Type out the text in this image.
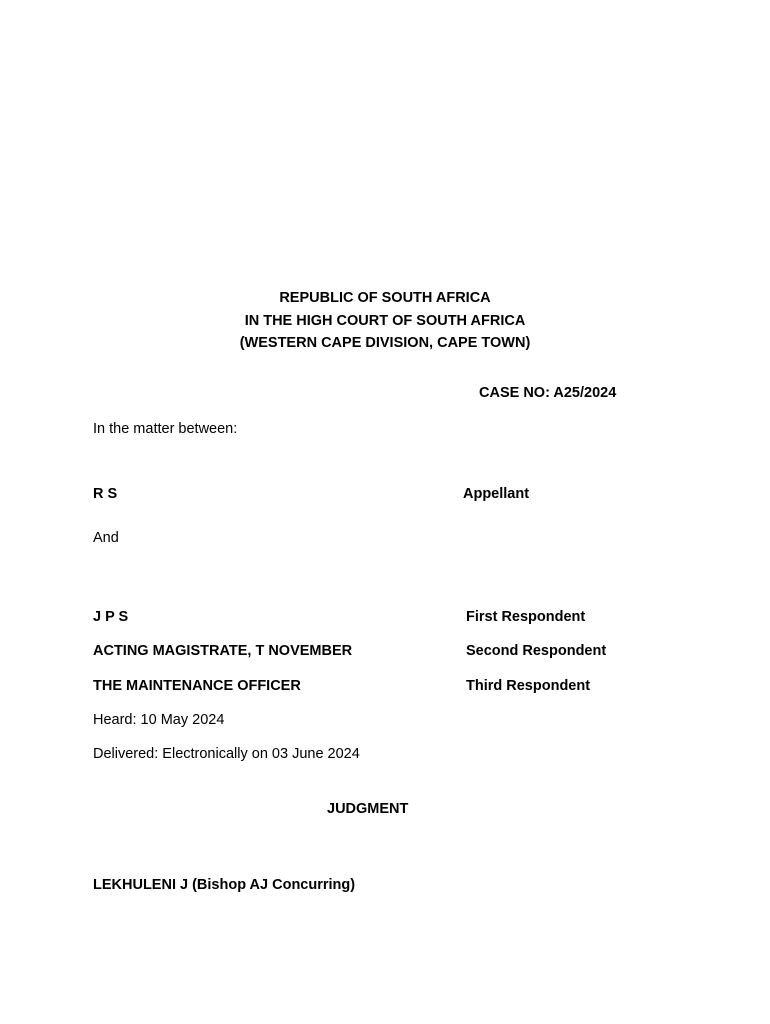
REPUBLIC OF SOUTH AFRICA
IN THE HIGH COURT OF SOUTH AFRICA
(WESTERN CAPE DIVISION, CAPE TOWN)
CASE NO: A25/2024
In the matter between:
R S	Appellant
And
J P S	First Respondent
ACTING MAGISTRATE, T NOVEMBER	Second Respondent
THE MAINTENANCE OFFICER	Third Respondent
Heard: 10 May 2024
Delivered: Electronically on 03 June 2024
JUDGMENT
LEKHULENI J (Bishop AJ Concurring)
